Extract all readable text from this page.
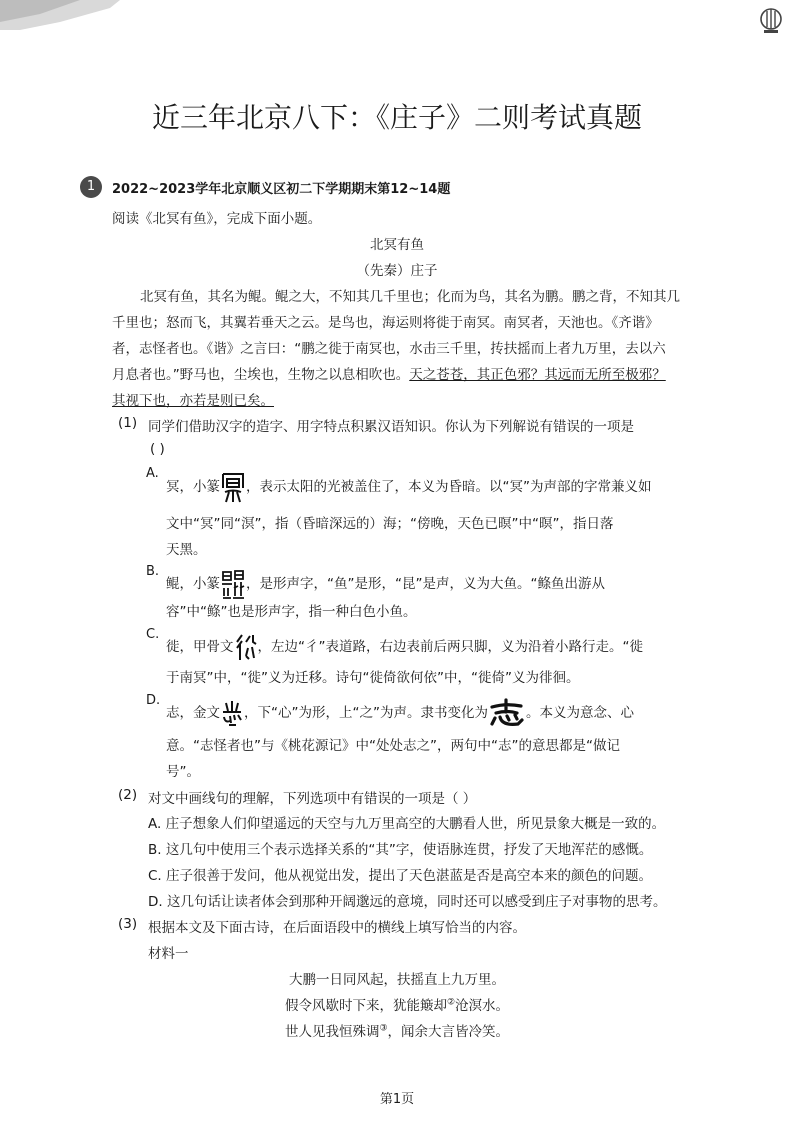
近三年北京八下：《庄子》二则考试真题
1	2022~2023学年北京顺义区初二下学期期末第12~14题
阅读《北冥有鱼》，完成下面小题。
北冥有鱼
（先秦）庄子
北冥有鱼，其名为鲲。鲲之大，不知其几千里也；化而为鸟，其名为鹏。鹏之背，不知其几
千里也；怒而飞，其翼若垂天之云。是鸟也，海运则将徙于南冥。南冥者，天池也。《齐谐》
者，志怪者也。《谐》之言曰：“鹏之徙于南冥也，水击三千里，抟扶摇而上者九万里，去以六
月息者也。”野马也，尘埃也，生物之以息相吹也。天之苍苍，其正色邪？其远而无所至极邪？
其视下也，亦若是则已矣。
(1) 同学们借助汉字的造字、用字特点积累汉语知识。你认为下列解说有错误的一项是
( )
A.
冥，小篆 ，表示太阳的光被盖住了，本义为昏暗。以“冥”为声部的字常兼义如
文中“冥”同“溟”，指（昏暗深远的）海；“傍晚，天色已暝”中“暝”，指日落
天黑。
B.
鲲，小篆 ，是形声字，“鱼”是形，“昆”是声，义为大鱼。“鲦鱼出游从
容”中“鲦”也是形声字，指一种白色小鱼。
C.
徙，甲骨文 ，左边“彳”表道路，右边表前后两只脚，义为沿着小路行走。“徙
于南冥”中，“徙”义为迁移。诗句“徙倚欲何依”中，“徙倚”义为徘徊。
D.
志，金文 ，下“心”为形，上“之”为声。隶书变化为	。本义为意念、心
意。“志怪者也”与《桃花源记》中“处处志之”，两句中“志”的意思都是“做记
号”。
(2) 对文中画线句的理解，下列选项中有错误的一项是（ ）
A. 庄子想象人们仰望遥远的天空与九万里高空的大鹏看人世，所见景象大概是一致的。
B. 这几句中使用三个表示选择关系的“其”字，使语脉连贯，抒发了天地浑茫的感慨。
C. 庄子很善于发问，他从视觉出发，提出了天色湛蓝是否是高空本来的颜色的问题。
D. 这几句话让读者体会到那种开阔邈远的意境，同时还可以感受到庄子对事物的思考。
(3) 根据本文及下面古诗，在后面语段中的横线上填写恰当的内容。
材料一
大鹏一日同风起，扶摇直上九万里。
假令风歇时下来，犹能簸却②沧溟水。
世人见我恒殊调③，闻余大言皆冷笑。
第1页
